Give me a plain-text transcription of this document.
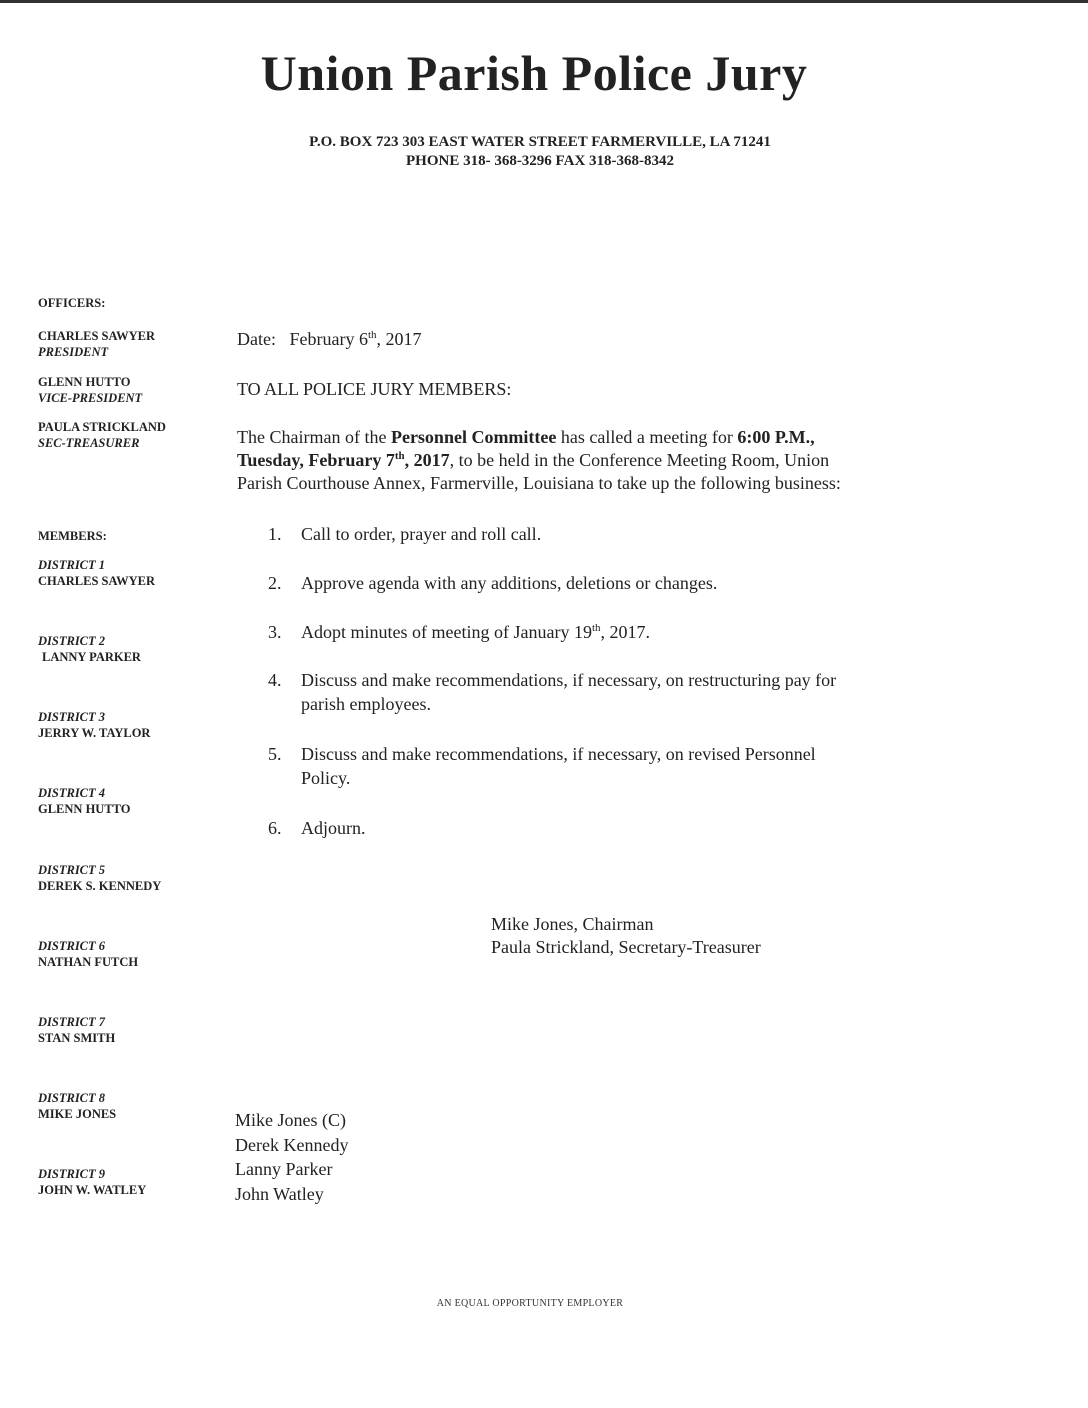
Union Parish Police Jury
P.O. BOX 723 303 EAST WATER STREET FARMERVILLE, LA 71241
PHONE 318- 368-3296 FAX 318-368-8342
OFFICERS:
CHARLES SAWYER
PRESIDENT
GLENN HUTTO
VICE-PRESIDENT
PAULA STRICKLAND
SEC-TREASURER
MEMBERS:
DISTRICT 1
CHARLES SAWYER
DISTRICT 2
LANNY PARKER
DISTRICT 3
JERRY W. TAYLOR
DISTRICT 4
GLENN HUTTO
DISTRICT 5
DEREK S. KENNEDY
DISTRICT 6
NATHAN FUTCH
DISTRICT 7
STAN SMITH
DISTRICT 8
MIKE JONES
DISTRICT 9
JOHN W. WATLEY
Date: February 6th, 2017
TO ALL POLICE JURY MEMBERS:
The Chairman of the Personnel Committee has called a meeting for 6:00 P.M.,
Tuesday, February 7th, 2017, to be held in the Conference Meeting Room, Union
Parish Courthouse Annex, Farmerville, Louisiana to take up the following business:
1. Call to order, prayer and roll call.
2. Approve agenda with any additions, deletions or changes.
3. Adopt minutes of meeting of January 19th, 2017.
4. Discuss and make recommendations, if necessary, on restructuring pay for
parish employees.
5. Discuss and make recommendations, if necessary, on revised Personnel
Policy.
6. Adjourn.
Mike Jones, Chairman
Paula Strickland, Secretary-Treasurer
Mike Jones (C)
Derek Kennedy
Lanny Parker
John Watley
AN EQUAL OPPORTUNITY EMPLOYER
